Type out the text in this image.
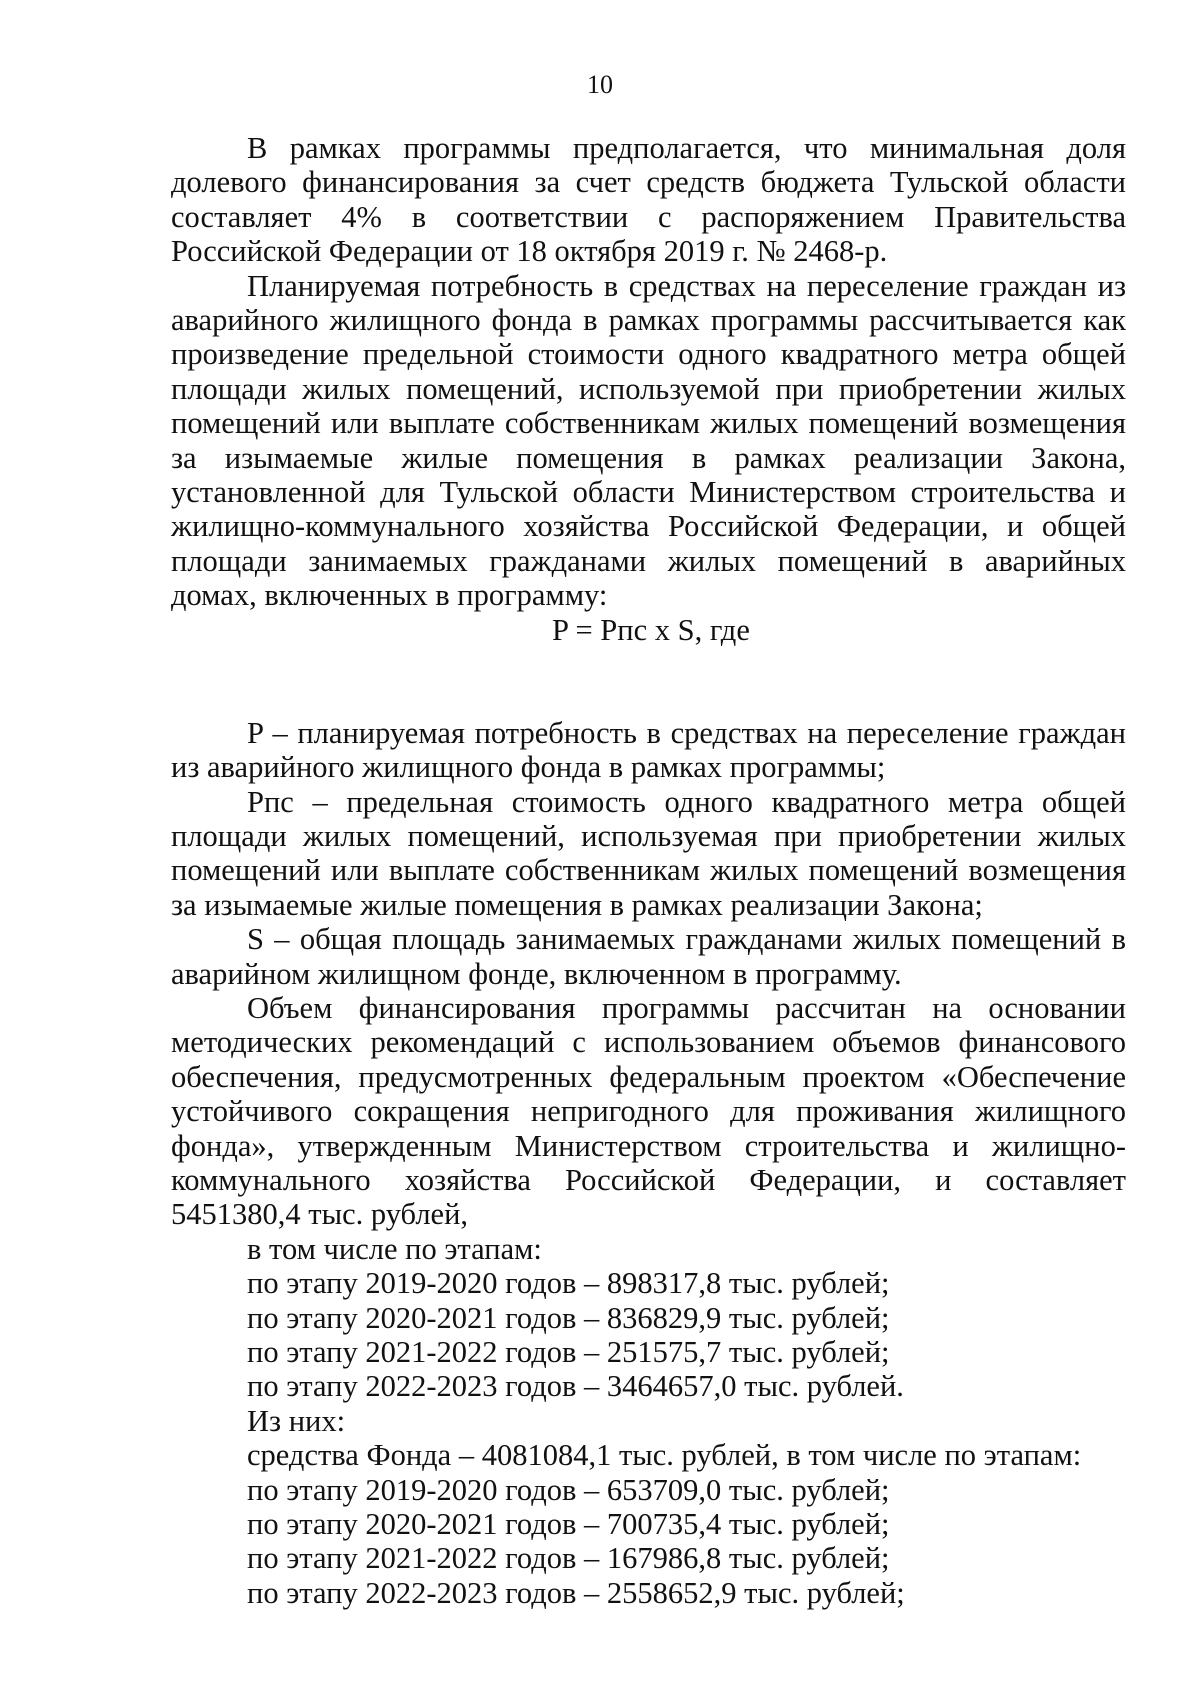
10

В рамках программы предполагается, что минимальная доля долевого финансирования за счет средств бюджета Тульской области составляет 4% в соответствии с распоряжением Правительства Российской Федерации от 18 октября 2019 г. № 2468-р.

Планируемая потребность в средствах на переселение граждан из аварийного жилищного фонда в рамках программы рассчитывается как произведение предельной стоимости одного квадратного метра общей площади жилых помещений, используемой при приобретении жилых помещений или выплате собственникам жилых помещений возмещения за изымаемые жилые помещения в рамках реализации Закона, установленной для Тульской области Министерством строительства и жилищно-коммунального хозяйства Российской Федерации, и общей площади занимаемых гражданами жилых помещений в аварийных домах, включенных в программу:

P = Рпс х S, где

P – планируемая потребность в средствах на переселение граждан из аварийного жилищного фонда в рамках программы;

Рпс – предельная стоимость одного квадратного метра общей площади жилых помещений, используемая при приобретении жилых помещений или выплате собственникам жилых помещений возмещения за изымаемые жилые помещения в рамках реализации Закона;

S – общая площадь занимаемых гражданами жилых помещений в аварийном жилищном фонде, включенном в программу.

Объем финансирования программы рассчитан на основании методических рекомендаций с использованием объемов финансового обеспечения, предусмотренных федеральным проектом «Обеспечение устойчивого сокращения непригодного для проживания жилищного фонда», утвержденным Министерством строительства и жилищно-коммунального хозяйства Российской Федерации, и составляет 5451380,4 тыс. рублей,

в том числе по этапам:

по этапу 2019-2020 годов – 898317,8 тыс. рублей;

по этапу 2020-2021 годов – 836829,9 тыс. рублей;

по этапу 2021-2022 годов – 251575,7 тыс. рублей;

по этапу 2022-2023 годов – 3464657,0 тыс. рублей.

Из них:

средства Фонда – 4081084,1 тыс. рублей, в том числе по этапам:

по этапу 2019-2020 годов – 653709,0 тыс. рублей;

по этапу 2020-2021 годов – 700735,4 тыс. рублей;

по этапу 2021-2022 годов – 167986,8 тыс. рублей;

по этапу 2022-2023 годов – 2558652,9 тыс. рублей;
